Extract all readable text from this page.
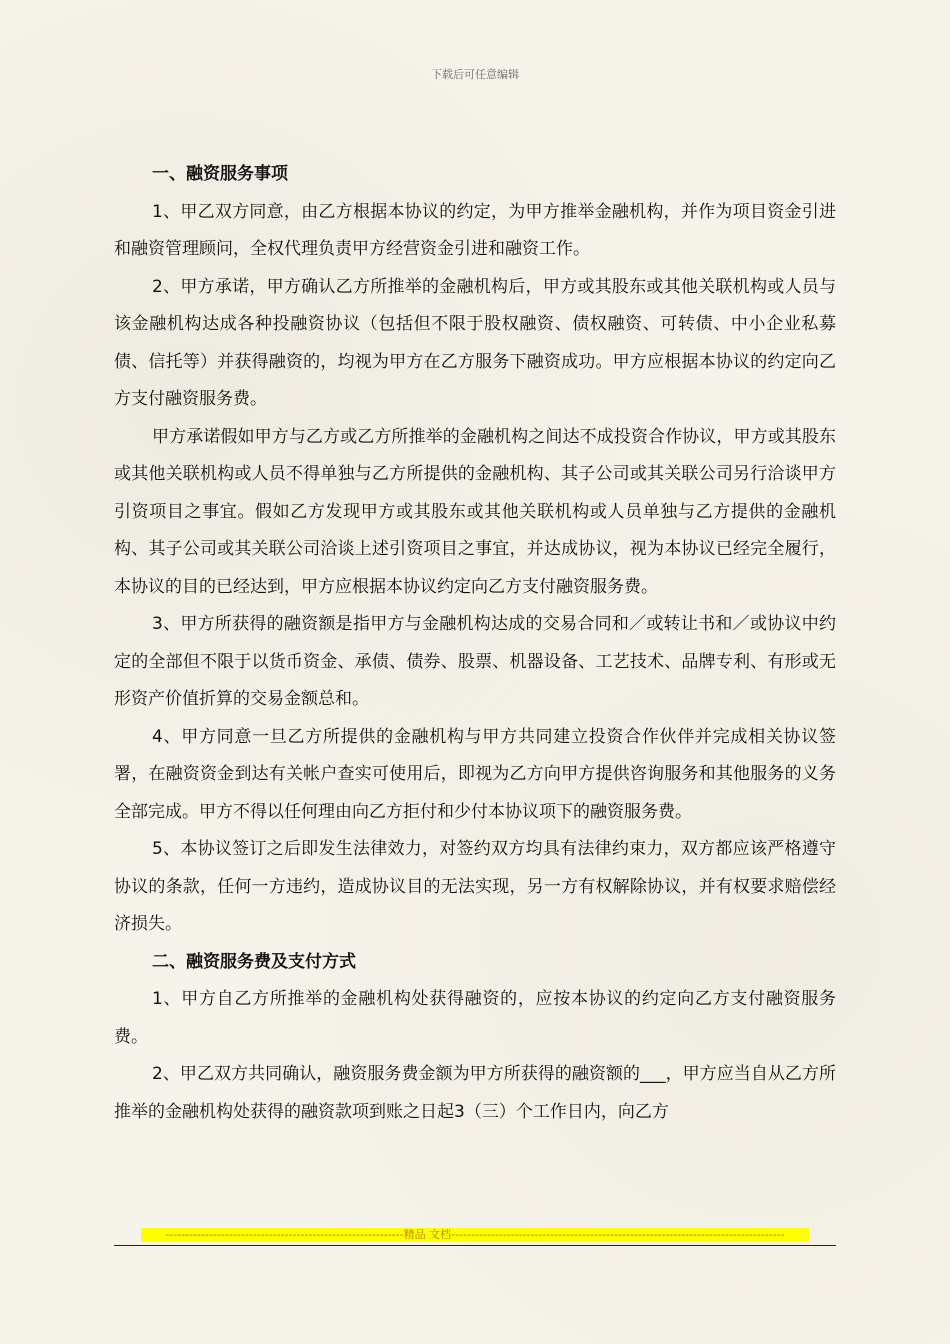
下载后可任意编辑

一、融资服务事项

1、甲乙双方同意，由乙方根据本协议的约定，为甲方推举金融机构，并作为项目资金引进和融资管理顾问，全权代理负责甲方经营资金引进和融资工作。

2、甲方承诺，甲方确认乙方所推举的金融机构后，甲方或其股东或其他关联机构或人员与该金融机构达成各种投融资协议（包括但不限于股权融资、债权融资、可转债、中小企业私募债、信托等）并获得融资的，均视为甲方在乙方服务下融资成功。甲方应根据本协议的约定向乙方支付融资服务费。

甲方承诺假如甲方与乙方或乙方所推举的金融机构之间达不成投资合作协议，甲方或其股东或其他关联机构或人员不得单独与乙方所提供的金融机构、其子公司或其关联公司另行洽谈甲方引资项目之事宜。假如乙方发现甲方或其股东或其他关联机构或人员单独与乙方提供的金融机构、其子公司或其关联公司洽谈上述引资项目之事宜，并达成协议，视为本协议已经完全履行，本协议的目的已经达到，甲方应根据本协议约定向乙方支付融资服务费。

3、甲方所获得的融资额是指甲方与金融机构达成的交易合同和／或转让书和／或协议中约定的全部但不限于以货币资金、承债、债券、股票、机器设备、工艺技术、品牌专利、有形或无形资产价值折算的交易金额总和。

4、甲方同意一旦乙方所提供的金融机构与甲方共同建立投资合作伙伴并完成相关协议签署，在融资资金到达有关帐户查实可使用后，即视为乙方向甲方提供咨询服务和其他服务的义务全部完成。甲方不得以任何理由向乙方拒付和少付本协议项下的融资服务费。

5、本协议签订之后即发生法律效力，对签约双方均具有法律约束力，双方都应该严格遵守协议的条款，任何一方违约，造成协议目的无法实现，另一方有权解除协议，并有权要求赔偿经济损失。

二、融资服务费及支付方式

1、甲方自乙方所推举的金融机构处获得融资的，应按本协议的约定向乙方支付融资服务费。

2、甲乙双方共同确认，融资服务费金额为甲方所获得的融资额的___，甲方应当自从乙方所推举的金融机构处获得的融资款项到账之日起3（三）个工作日内，向乙方

------------------------------------------------------------精品 文档------------------------------------------------------------------------------------
